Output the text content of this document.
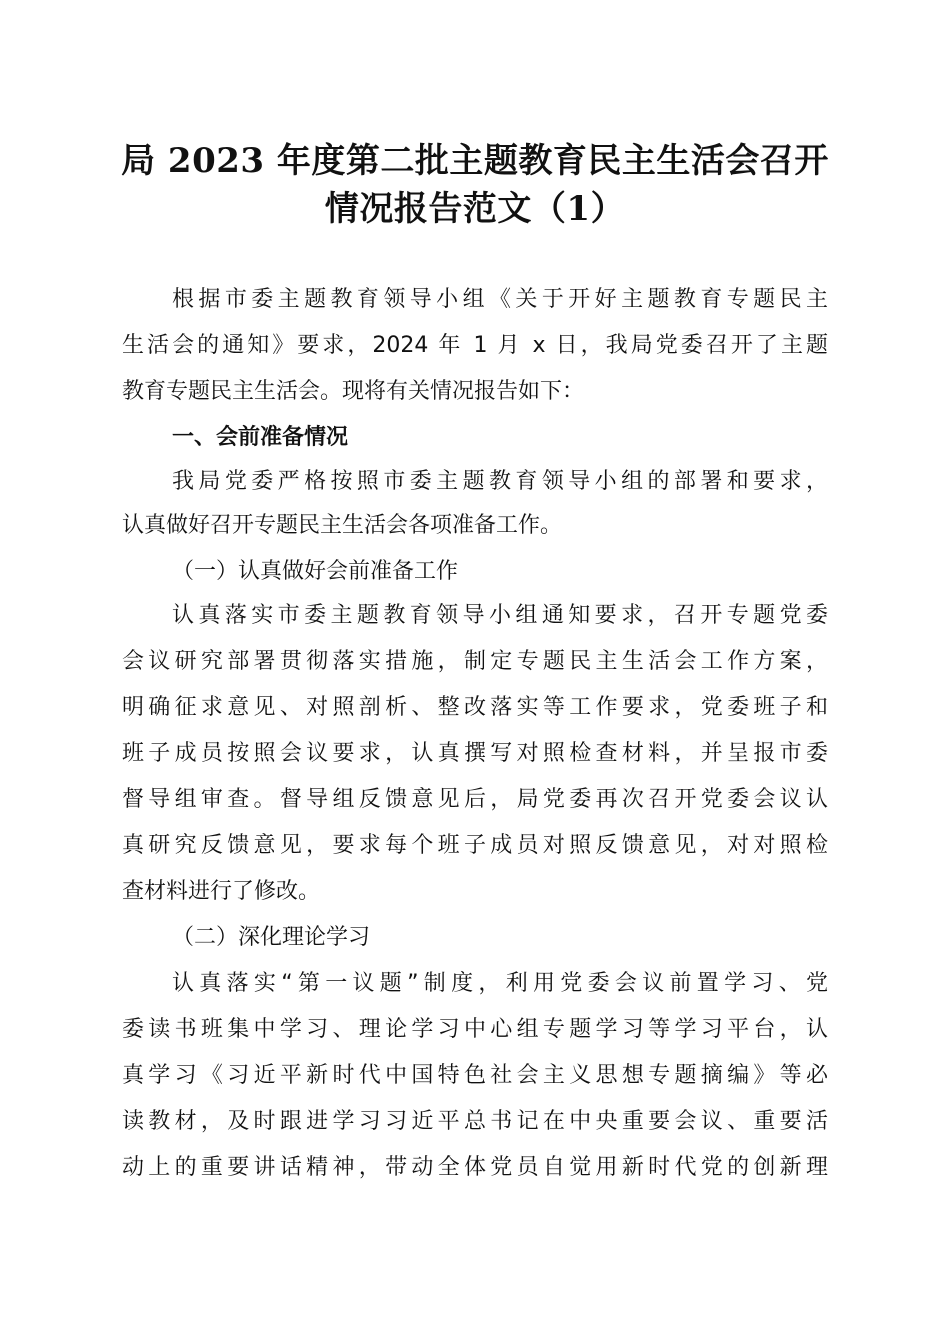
局 2023 年度第二批主题教育民主生活会召开
情况报告范文（1）
根据市委主题教育领导小组《关于开好主题教育专题民主
生活会的通知》要求，2024 年 1 月 x 日，我局党委召开了主题
教育专题民主生活会。现将有关情况报告如下：
一、会前准备情况
我局党委严格按照市委主题教育领导小组的部署和要求，
认真做好召开专题民主生活会各项准备工作。
（一）认真做好会前准备工作
认真落实市委主题教育领导小组通知要求，召开专题党委
会议研究部署贯彻落实措施，制定专题民主生活会工作方案，
明确征求意见、对照剖析、整改落实等工作要求，党委班子和
班子成员按照会议要求，认真撰写对照检查材料，并呈报市委
督导组审查。督导组反馈意见后，局党委再次召开党委会议认
真研究反馈意见，要求每个班子成员对照反馈意见，对对照检
查材料进行了修改。
（二）深化理论学习
认真落实“第一议题”制度，利用党委会议前置学习、党
委读书班集中学习、理论学习中心组专题学习等学习平台，认
真学习《习近平新时代中国特色社会主义思想专题摘编》等必
读教材，及时跟进学习习近平总书记在中央重要会议、重要活
动上的重要讲话精神，带动全体党员自觉用新时代党的创新理
